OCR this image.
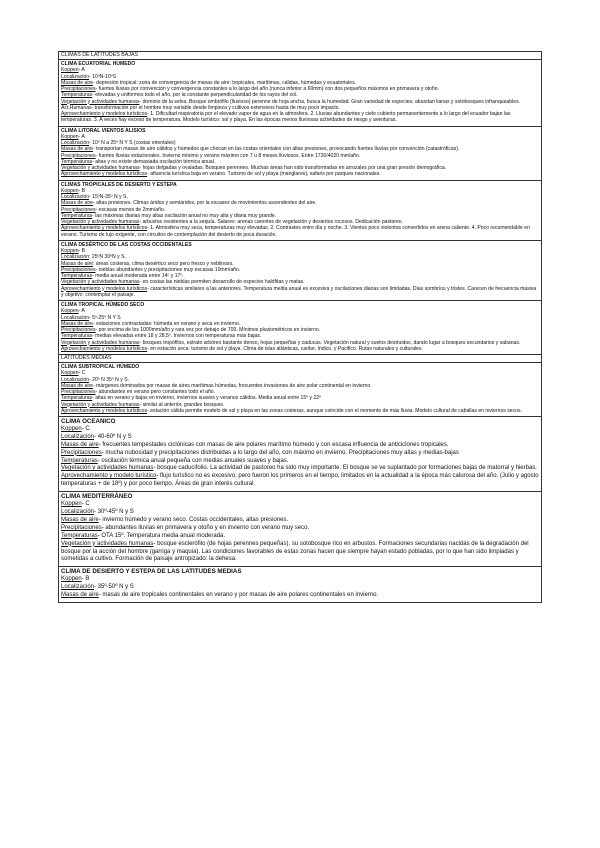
CLIMAS DE LATITUDES BAJAS
CLIMA ECUATORIAL HUMEDO
Koppen- A
Localización- 10ºN-10ºS
Masas de aire- depresión tropical: zona de convergencia de masas de aire: tropicales, marítimas, cálidas, húmedas y ecuatoriales.
Precipitaciones- fuertes lluvias por convención y convergencia constantes a lo largo del año (nunca inferior a 60mm) con dos pequeños máximos en primavera y otoño.
Temperaturas- elevadas y uniformes todo el año, por la constante perpendicularidad de los rayos del sol.
Vegetación y actividades humanas- dominio de la selva. Bosque ombrófilo (lluvioso) perenne de hoja ancha, busca la humedad. Gran variedad de especies, abundan lianas y sotobosques infranqueables. Act.Humanas- transformación por el hombre muy variable desde limpieza y cultivos extensivos hasta de muy poco impacto.
Aprovechamiento y modelos turísticos- 1. Dificultad respiratoria por el elevado vapor de agua en la atmosfera. 2. Lluvias abundantes y cielo cubierto permanentemente a lo largo del ecuador bajan las temperaturas. 3. A veces hay exceso de temperatura. Modelo turístico: sol y playa. En las épocas menos lluviosas actividades de riesgo y aventuras.
CLIMA LITORAL VIENTOS ALISIOS
Koppen- A
Localización- 10º N a 25º N Y S (costas orientales)
Masas de aire- transportan masas de aire cálidos y húmedos que chocan en las costas orientales con altas presiones, provocando fuertes lluvias por convención (catastróficas).
Precipitaciones- fuertes lluvias estacionales. Invierno mínimo y verano máximo con 7 u 8 meses lluviosos. Entre 1730/4020 mm/año.
Temperaturas- altas y no existe demasiada oscilación térmica anual.
Vegetación y actividades humanas- hojas delgadas y ovaladas. Bosques perennes. Muchas áreas han sido transformadas en arrozales por una gran presión demográfica.
Aprovechamiento y modelos turísticos- afluencia turística baja en verano. Turismo de sol y playa (manglares), safaris por parques nacionales.
CLIMAS TROPICALES DE DESIERTO Y ESTEPA
Koppen- B
Localización- 15ºN-35º N y S.
Masas de aire- altas presiones. Climas áridos y semiáridos, por la escasez de movimientos ascendentes del aire.
Precipitaciones- escasas menos de 2mm/año.
Temperaturas- las máximas diarias muy altas oscilación anual no muy alta y diaria muy grande.
Vegetación y actividades humanas- arbustos resistentes a la sequía. Salares: arenas carentes de vegetación y desiertos rocosos. Dedicación pastoreo.
Aprovechamiento y modelos turísticos- 1. Atmosfera muy seca, temperaturas muy elevadas. 2. Contrastes entre día y noche. 3. Vientos poco violentos convertidos en arena caliente. 4. Poco recomendable en verano. Turismo de lujo exigente, con circuitos de contemplación del desierto de poca duración.
CLIMA DESÉRTICO DE LAS COSTAS OCCIDENTALES
Koppen- B
Localización: 25ºN 30ºN y S.
Masas de aire: áreas costeras, clima desértico seco pero fresco y neblinoso.
Precipitaciones- nieblas abundantes y precipitaciones muy escasas 10mm/año.
Temperaturas- media anual moderada entre 14º y 17º.
Vegetación y actividades humanas- en costas las nieblas permiten desarrollo de especies halófitas y matas.
Aprovechamiento y modelos turísticos- características similares a las anteriores. Temperatura media anual es excesiva y oscilaciones diarias son limitadas. Días sombríos y tristes. Carecen de frecuencia masiva y objetivo: contemplar el paisaje.
CLIMA TROPICAL HÚMEDO SECO
Koppen- A
Localización- 5º-25º N Y S
Masas de aire- estaciones contrastadas: húmeda en verano y seca en invierno.
Precipitaciones- por encima de los 1000mm/año y rara vez por debajo de 700. Mínimos pluviométricos en invierno.
Temperaturas- medias elevadas entre 18 y 28,5º. Inviernos con temperaturas más bajas.
Vegetación y actividades humanas- bosques tropófilos, estrato arbóreo bastante denso, hojas pequeñas y caducas. Vegetación natural y suelos destruidos, dando lugar a bosques secundarios y sabanas.
Aprovechamiento y modelos turísticos- en estación seca: turismo de sol y playa. Clima de islas atlánticas, caribe, Indico, y Pacifico. Rutas naturales y culturales.
LATITUDES MEDIAS
CLIMA SUBTROPICAL HÚMEDO
Koppen- C
Localización- 20º N 35º N y S.
Masas de aire- márgenes dominados por masas de aires marítimas húmedas, frecuentes invasiones de aire polar continental en invierno.
Precipitaciones- abundantes en verano pero constantes todo el año.
Temperaturas- altas en verano y bajas en invierno, inviernos suaves y veranos cálidos. Media anual entre 15º y 22º
Vegetación y actividades humanas- similar al anterior, grandes bosques.
Aprovechamiento y modelos turísticos- estación cálida permite modelo de sol y playa en las zonas costeras, aunque coincide con el momento de más lluvia. Modelo cultural de caballas en inviernos secos.
CLIMA OCEANICO
Koppen- C
Localización- 40-60º N y S
Masas de aire- frecuentes tempestades ciclónicas con masas de aire polares marítimo húmedo y con escasa influencia de anticiclones tropicales.
Precipitaciones- mucha nubosidad y precipitaciones distribuidas a lo largo del año, con máximo en invierno. Precipitaciones muy altas y medias-bajas
Temperaturas- oscilación térmica anual pequeña con medias anuales suaves y bajas.
Vegetación y actividades humanas- bosque caducifolio. La actividad de pastoreo ha sido muy importante. El bosque se ve suplantado por formaciones bajas de matorral y hierbas.
Aprovechamiento y modelo turístico- flujo turístico no es excesivo, pero fueron los primeros en el tiempo, limitados en la actualidad a la época más calurosa del año. (Julio y agosto temperaturas + de 18º) y por poco tiempo. Áreas de gran interés cultural.
CLIMA MEDITERRÁNEO
Koppen- C
Localización- 30º-45º N y S
Masas de aire- invierno húmedo y verano seco. Costas occidentales, altas presiones.
Precipitaciones- abundantes lluvias en primavera y otoño y en invierno con verano muy seco.
Temperaturas- OTA 15º. Temperatura media anual moderada.
Vegetación y actividades humanas- bosque esclerófilo (de hojas perennes pequeñas), su sotobosque rico en arbustos. Formaciones secundarias nacidas de la degradación del bosque por la acción del hombre (garriga y maquia). Las condiciones favorables de estas zonas hacen que siempre hayan estado pobladas, por lo que han sido limpiadas y sometidas a cultivo. Formación de paisaje antropizado: la dehesa.
CLIMA DE DESIERTO Y ESTEPA DE LAS LATITUDES MEDIAS
Koppen- B
Localización- 35º-50º N y S
Masas de aire- masas de aire tropicales continentales en verano y por masas de aire polares continentales en invierno.
